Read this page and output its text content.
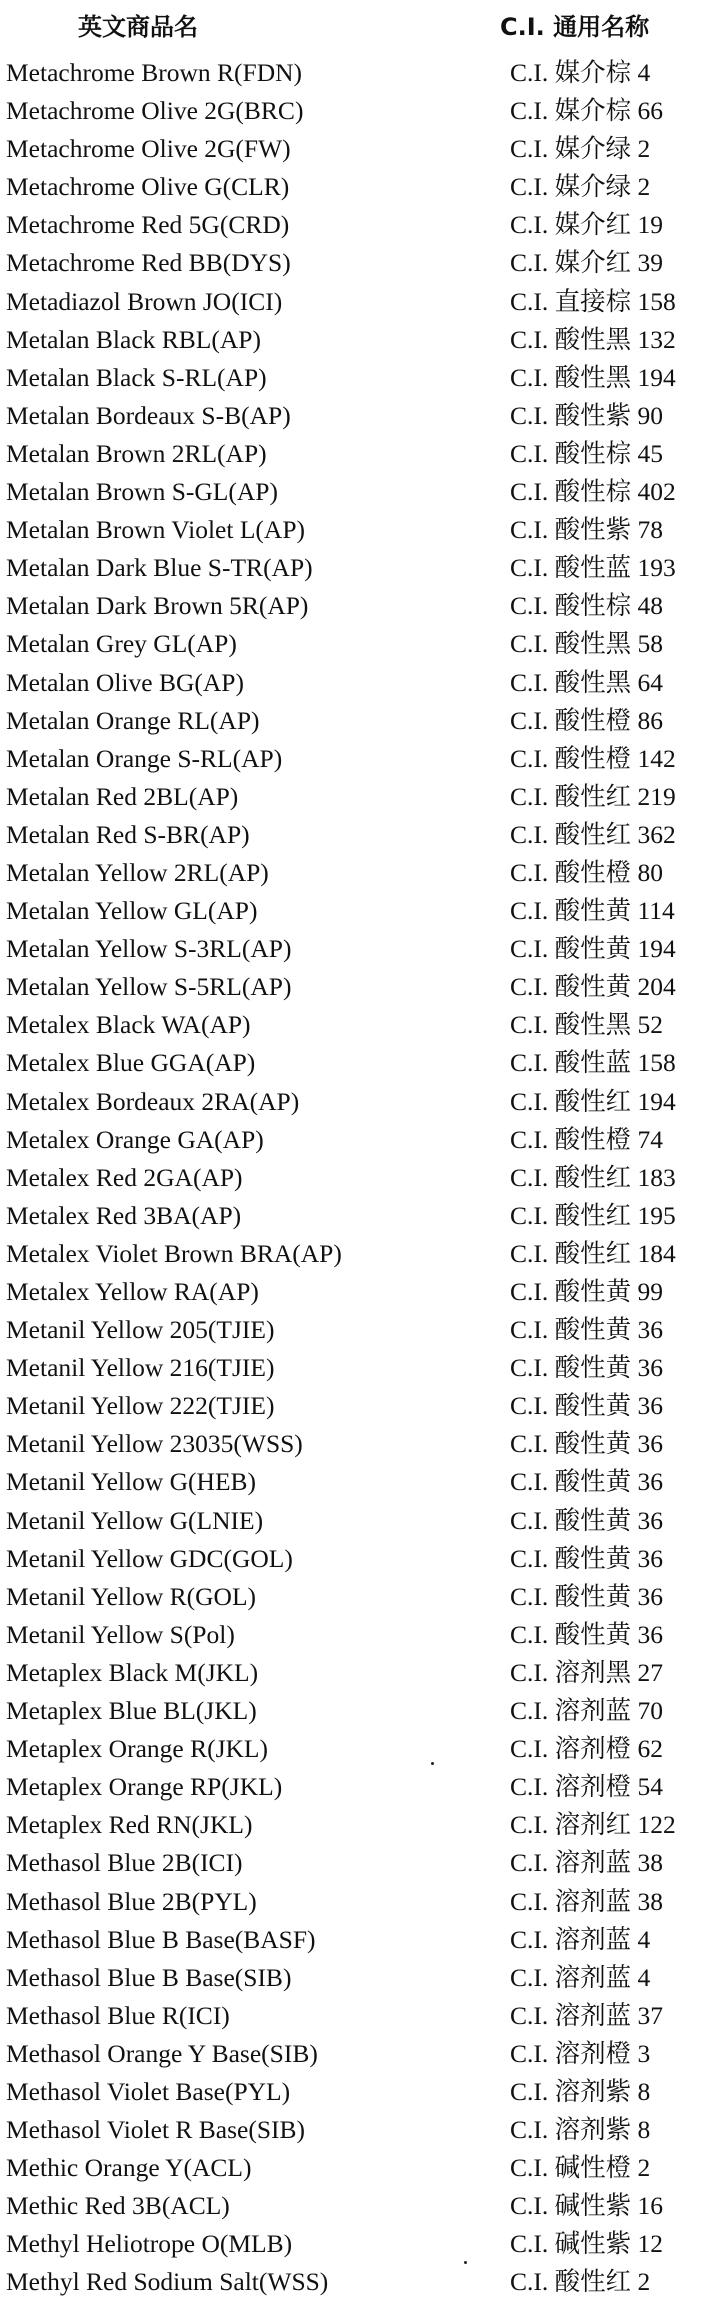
英文商品名	C.I. 通用名称
Metachrome Brown R(FDN)	C.I. 媒介棕 4
Metachrome Olive 2G(BRC)	C.I. 媒介棕 66
Metachrome Olive 2G(FW)	C.I. 媒介绿 2
Metachrome Olive G(CLR)	C.I. 媒介绿 2
Metachrome Red 5G(CRD)	C.I. 媒介红 19
Metachrome Red BB(DYS)	C.I. 媒介红 39
Metadiazol Brown JO(ICI)	C.I. 直接棕 158
Metalan Black RBL(AP)	C.I. 酸性黑 132
Metalan Black S-RL(AP)	C.I. 酸性黑 194
Metalan Bordeaux S-B(AP)	C.I. 酸性紫 90
Metalan Brown 2RL(AP)	C.I. 酸性棕 45
Metalan Brown S-GL(AP)	C.I. 酸性棕 402
Metalan Brown Violet L(AP)	C.I. 酸性紫 78
Metalan Dark Blue S-TR(AP)	C.I. 酸性蓝 193
Metalan Dark Brown 5R(AP)	C.I. 酸性棕 48
Metalan Grey GL(AP)	C.I. 酸性黑 58
Metalan Olive BG(AP)	C.I. 酸性黑 64
Metalan Orange RL(AP)	C.I. 酸性橙 86
Metalan Orange S-RL(AP)	C.I. 酸性橙 142
Metalan Red 2BL(AP)	C.I. 酸性红 219
Metalan Red S-BR(AP)	C.I. 酸性红 362
Metalan Yellow 2RL(AP)	C.I. 酸性橙 80
Metalan Yellow GL(AP)	C.I. 酸性黄 114
Metalan Yellow S-3RL(AP)	C.I. 酸性黄 194
Metalan Yellow S-5RL(AP)	C.I. 酸性黄 204
Metalex Black WA(AP)	C.I. 酸性黑 52
Metalex Blue GGA(AP)	C.I. 酸性蓝 158
Metalex Bordeaux 2RA(AP)	C.I. 酸性红 194
Metalex Orange GA(AP)	C.I. 酸性橙 74
Metalex Red 2GA(AP)	C.I. 酸性红 183
Metalex Red 3BA(AP)	C.I. 酸性红 195
Metalex Violet Brown BRA(AP)	C.I. 酸性红 184
Metalex Yellow RA(AP)	C.I. 酸性黄 99
Metanil Yellow 205(TJIE)	C.I. 酸性黄 36
Metanil Yellow 216(TJIE)	C.I. 酸性黄 36
Metanil Yellow 222(TJIE)	C.I. 酸性黄 36
Metanil Yellow 23035(WSS)	C.I. 酸性黄 36
Metanil Yellow G(HEB)	C.I. 酸性黄 36
Metanil Yellow G(LNIE)	C.I. 酸性黄 36
Metanil Yellow GDC(GOL)	C.I. 酸性黄 36
Metanil Yellow R(GOL)	C.I. 酸性黄 36
Metanil Yellow S(Pol)	C.I. 酸性黄 36
Metaplex Black M(JKL)	C.I. 溶剂黑 27
Metaplex Blue BL(JKL)	C.I. 溶剂蓝 70
Metaplex Orange R(JKL)	C.I. 溶剂橙 62
Metaplex Orange RP(JKL)	C.I. 溶剂橙 54
Metaplex Red RN(JKL)	C.I. 溶剂红 122
Methasol Blue 2B(ICI)	C.I. 溶剂蓝 38
Methasol Blue 2B(PYL)	C.I. 溶剂蓝 38
Methasol Blue B Base(BASF)	C.I. 溶剂蓝 4
Methasol Blue B Base(SIB)	C.I. 溶剂蓝 4
Methasol Blue R(ICI)	C.I. 溶剂蓝 37
Methasol Orange Y Base(SIB)	C.I. 溶剂橙 3
Methasol Violet Base(PYL)	C.I. 溶剂紫 8
Methasol Violet R Base(SIB)	C.I. 溶剂紫 8
Methic Orange Y(ACL)	C.I. 碱性橙 2
Methic Red 3B(ACL)	C.I. 碱性紫 16
Methyl Heliotrope O(MLB)	C.I. 碱性紫 12
Methyl Red Sodium Salt(WSS)	C.I. 酸性红 2
